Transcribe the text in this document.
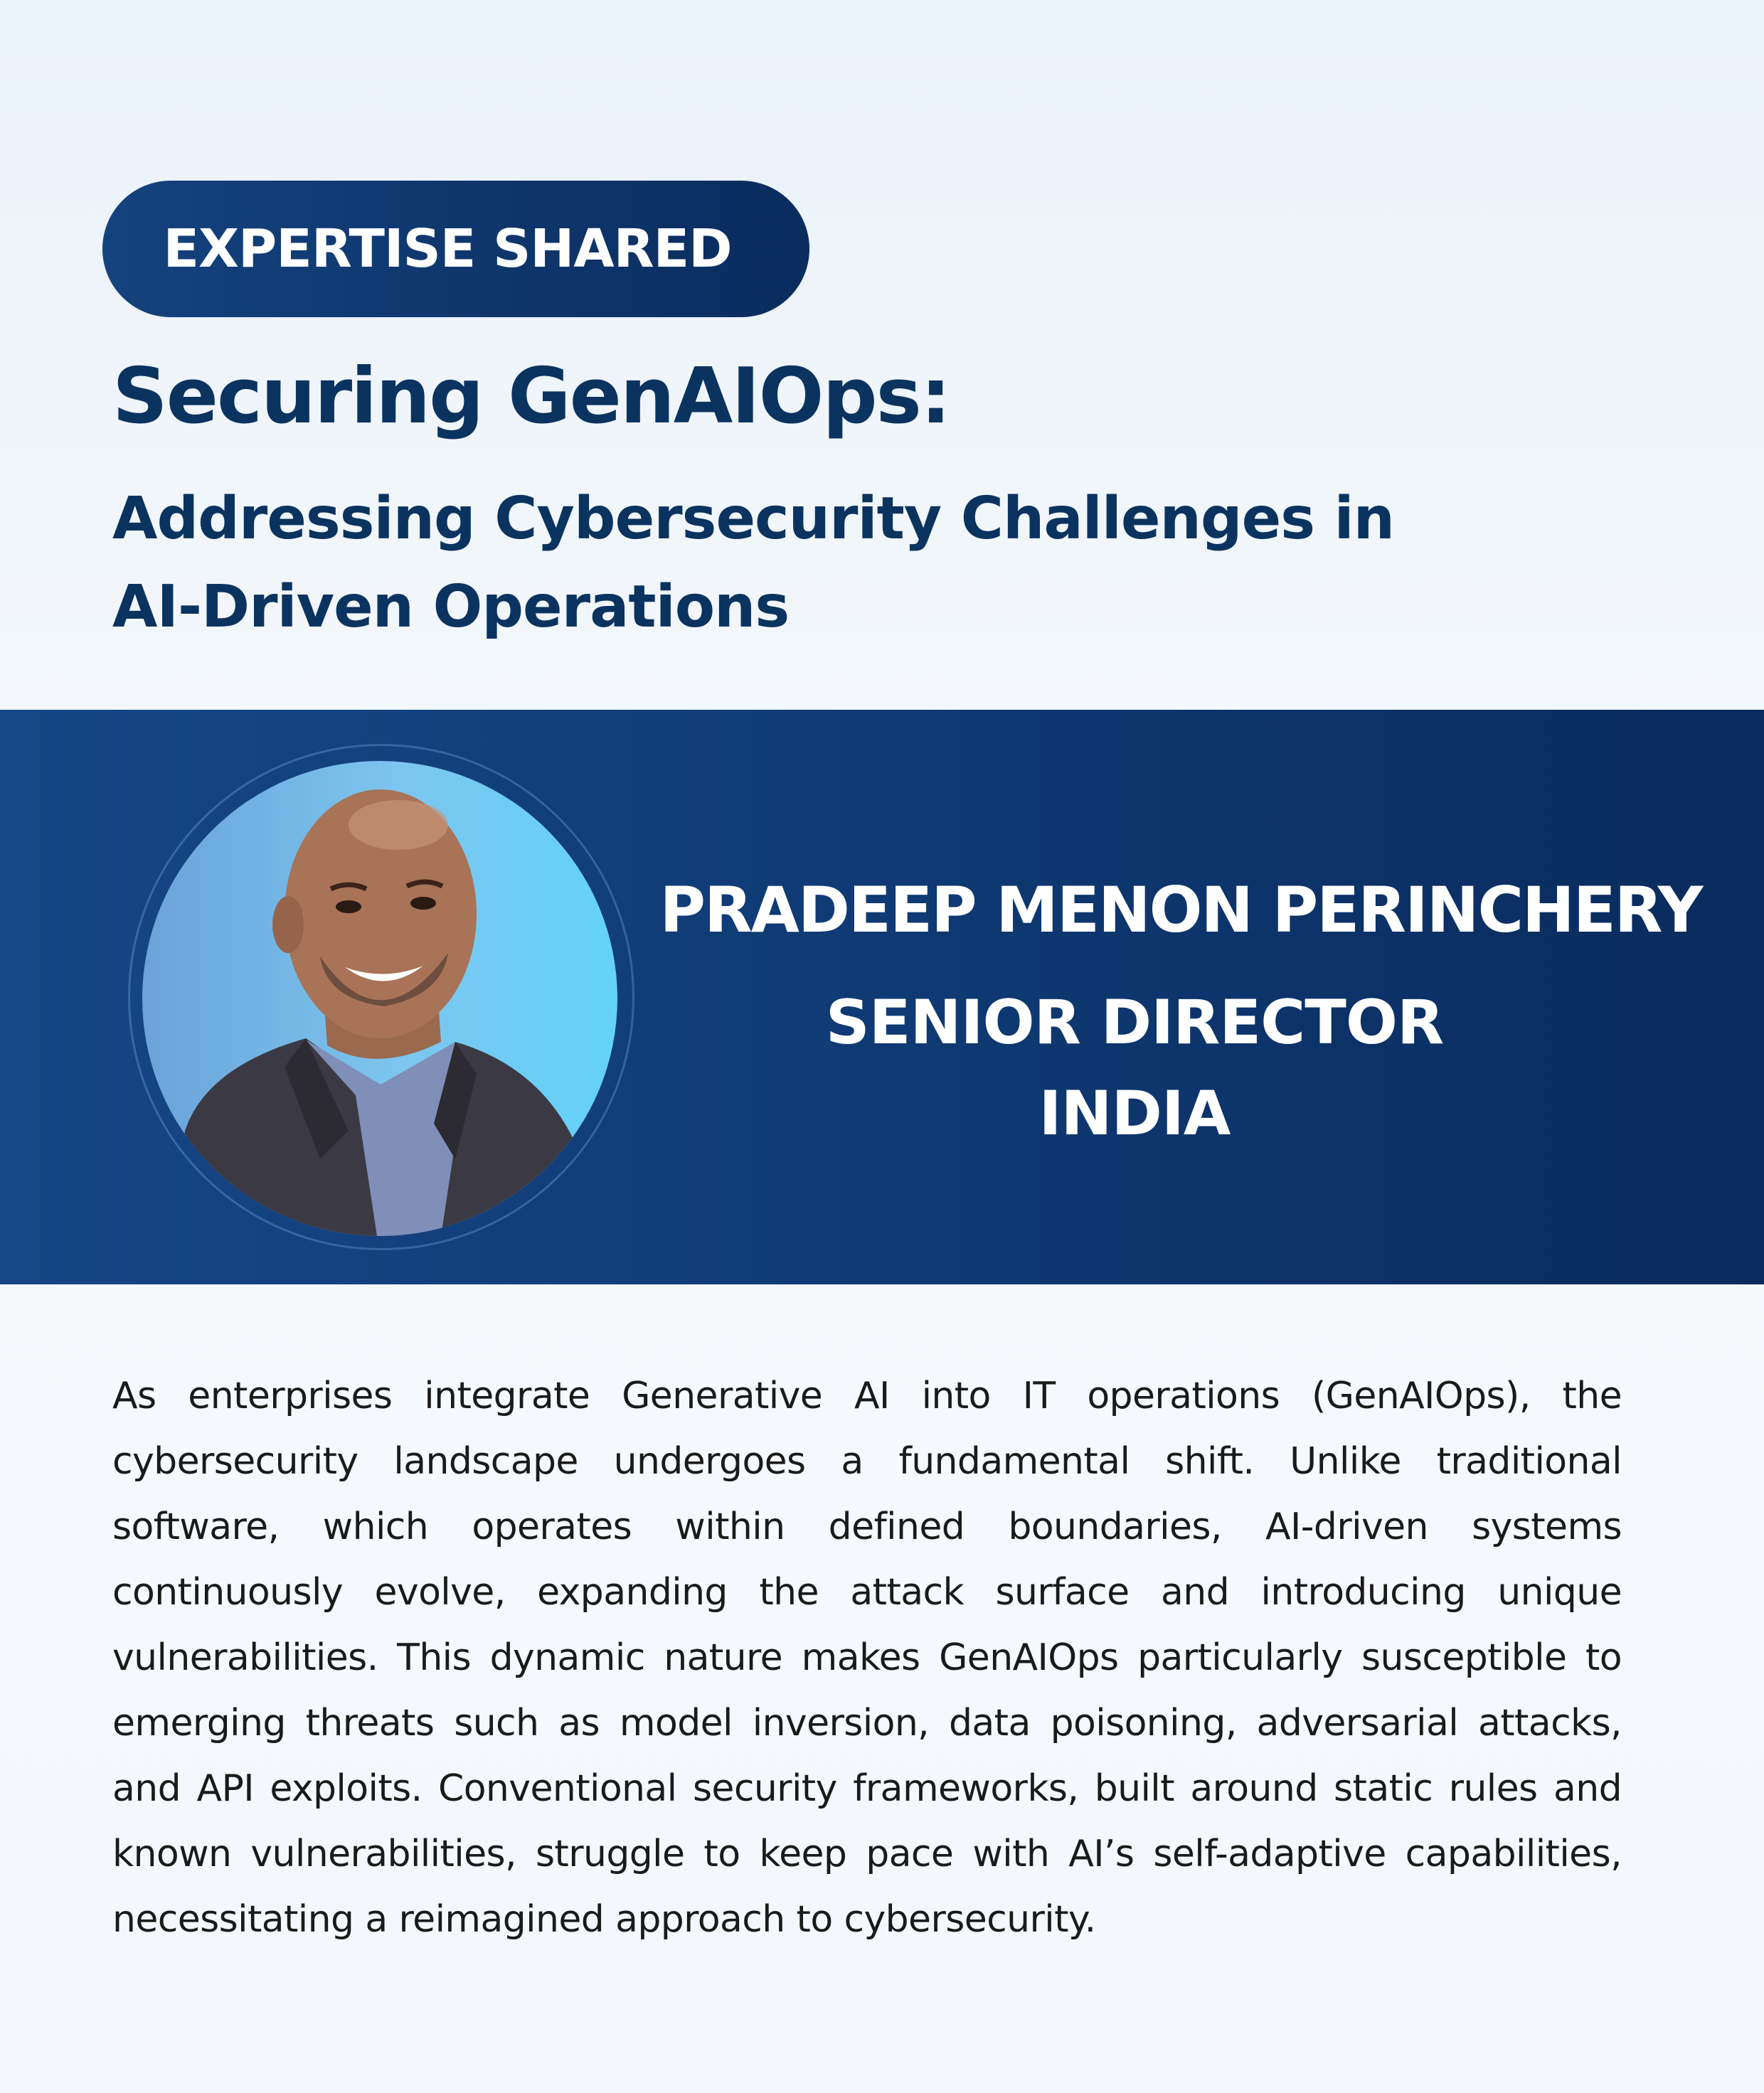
EXPERTISE SHARED
Securing GenAIOps:
Addressing Cybersecurity Challenges in
AI-Driven Operations
PRADEEP MENON PERINCHERY
SENIOR DIRECTOR
INDIA

As enterprises integrate Generative AI into IT operations (GenAIOps), the cybersecurity landscape undergoes a fundamental shift. Unlike traditional software, which operates within defined boundaries, AI-driven systems continuously evolve, expanding the attack surface and introducing unique vulnerabilities. This dynamic nature makes GenAIOps particularly susceptible to emerging threats such as model inversion, data poisoning, adversarial attacks, and API exploits. Conventional security frameworks, built around static rules and known vulnerabilities, struggle to keep pace with AI’s self-adaptive capabilities, necessitating a reimagined approach to cybersecurity.
